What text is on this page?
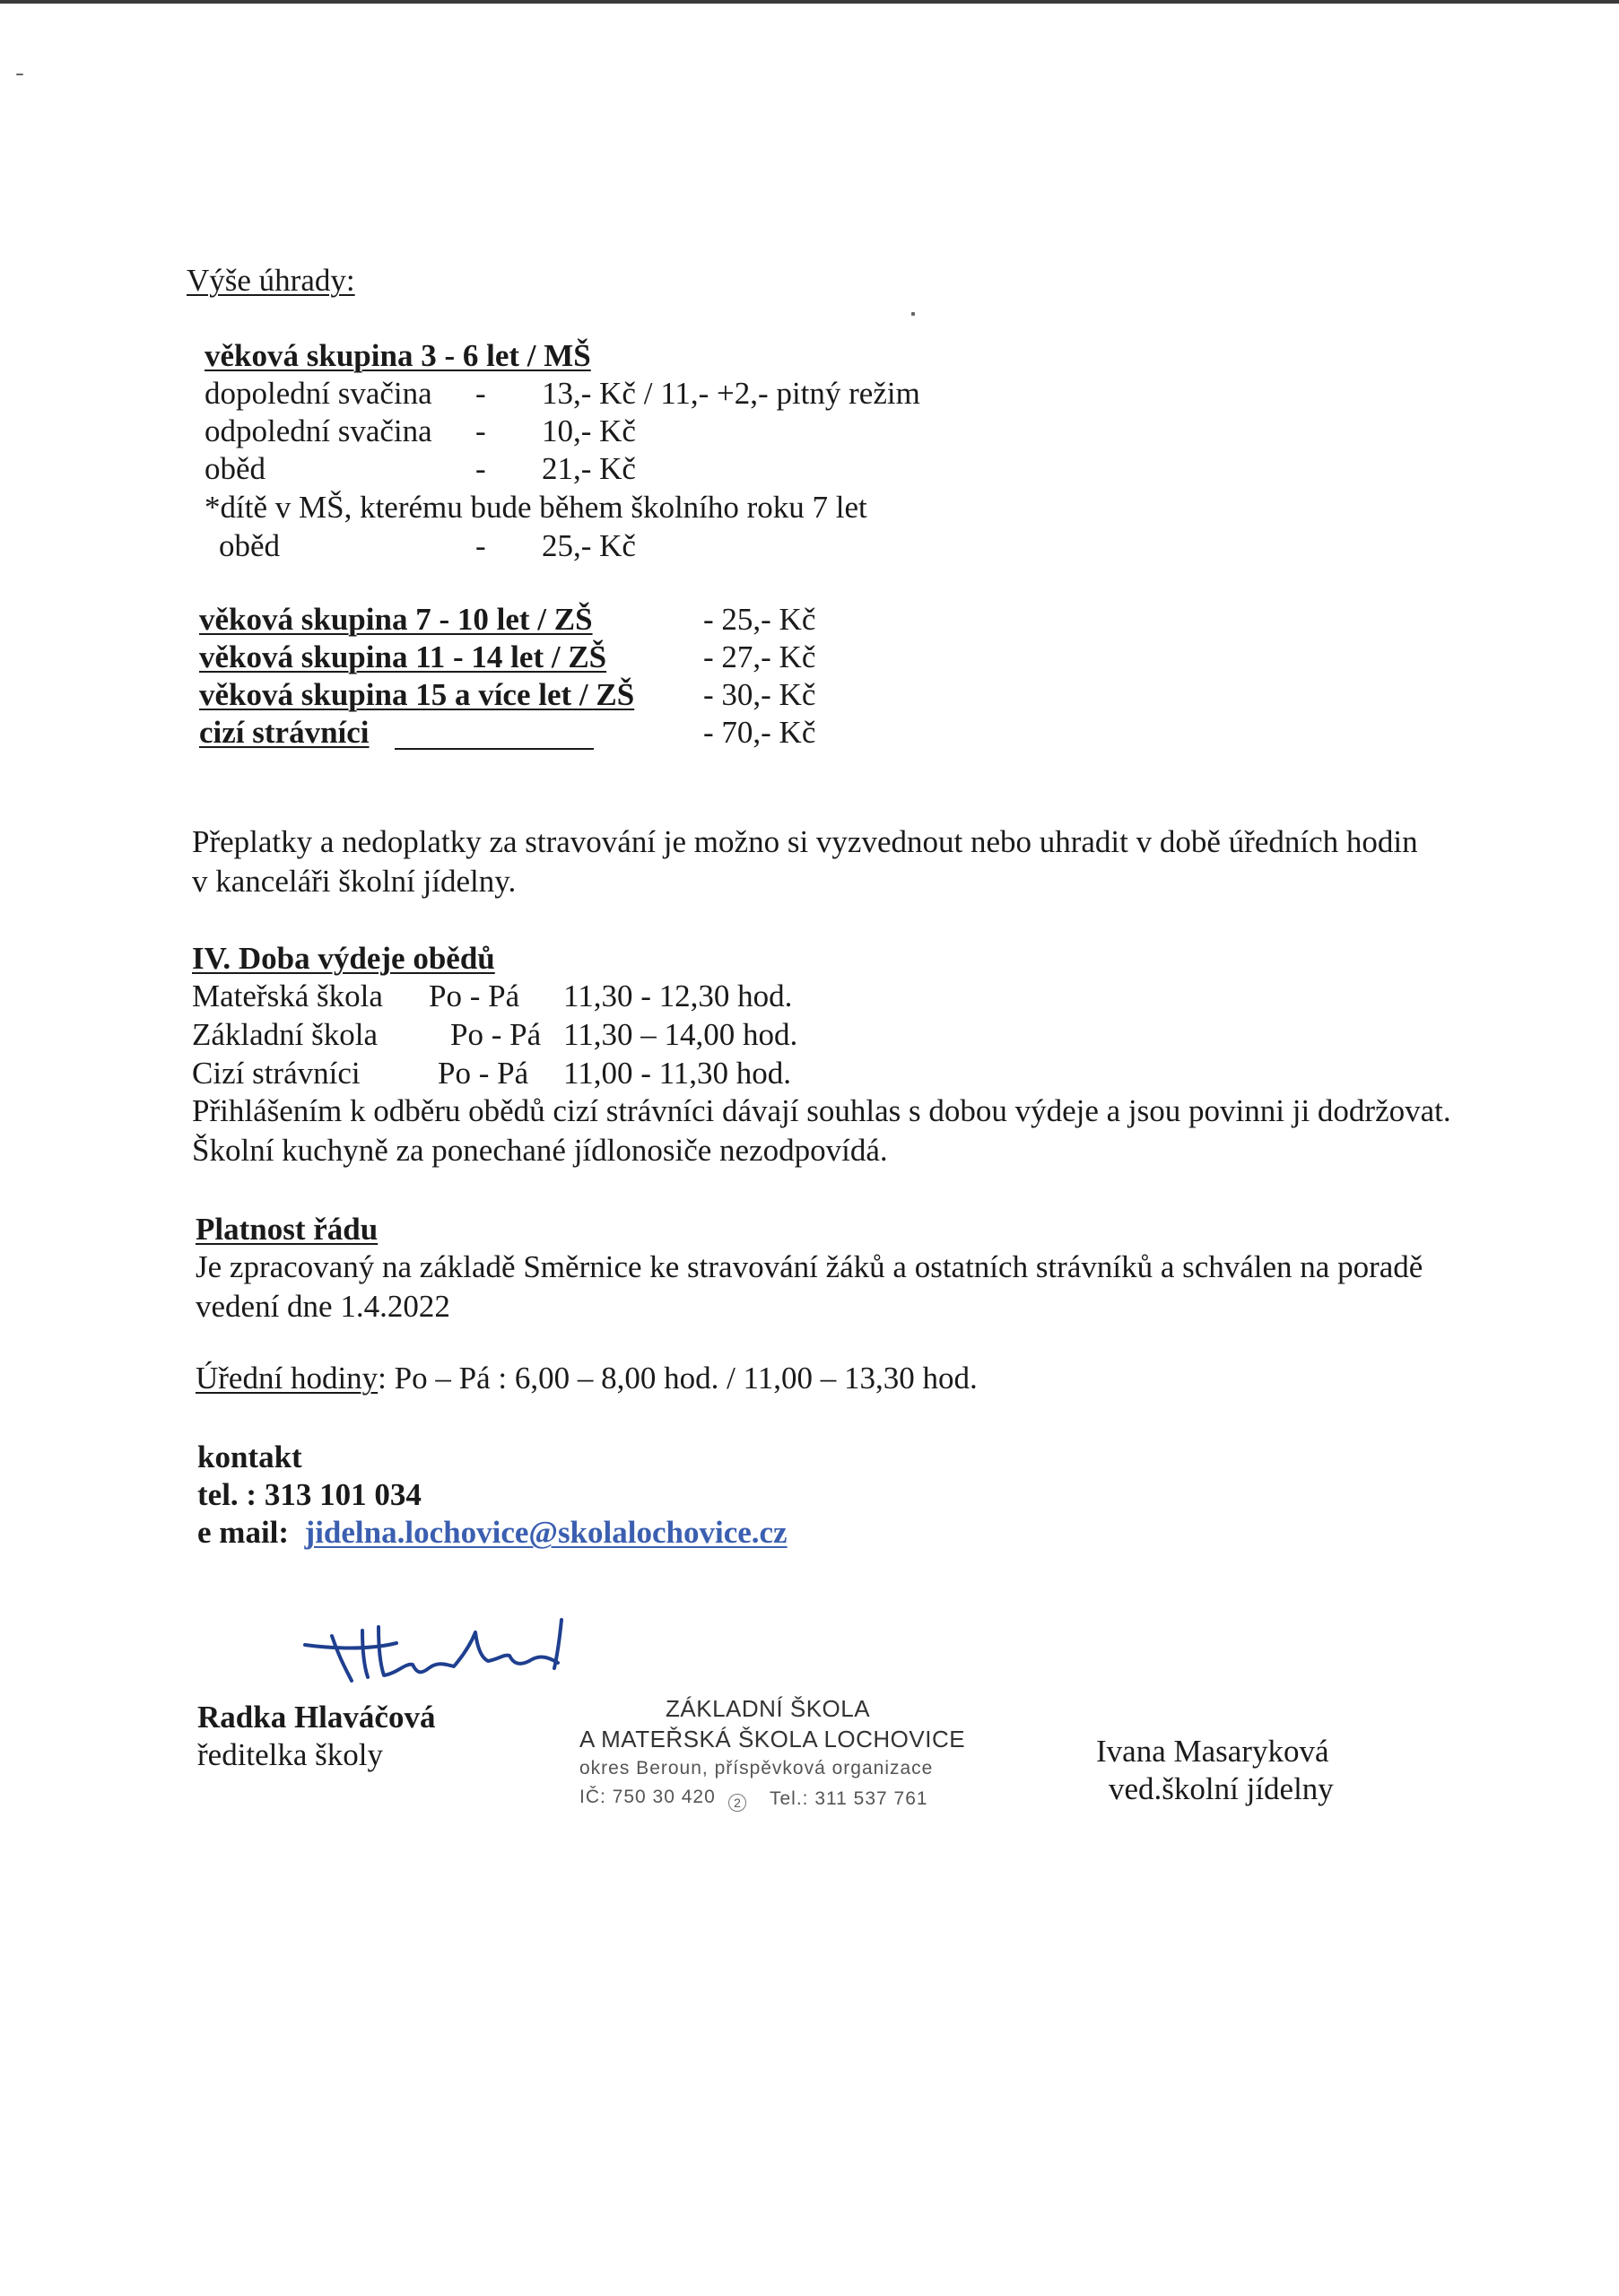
Výše úhrady:
věková skupina 3 - 6 let / MŠ
dopolední svačina - 13,- Kč / 11,- +2,- pitný režim
odpolední svačina - 10,- Kč
oběd	- 21,- Kč
*dítě v MŠ, kterému bude během školního roku 7 let
oběd	- 25,- Kč
věková skupina 7 - 10 let / ZŠ	- 25,- Kč
věková skupina 11 - 14 let / ZŠ	- 27,- Kč
věková skupina 15 a více let / ZŠ - 30,- Kč
cizí strávníci	- 70,- Kč
Přeplatky a nedoplatky za stravování je možno si vyzvednout nebo uhradit v době úředních hodin
v kanceláři školní jídelny.
IV. Doba výdeje obědů
Mateřská škola Po - Pá 11,30 - 12,30 hod.
Základní škola Po - Pá 11,30 – 14,00 hod.
Cizí strávníci Po - Pá 11,00 - 11,30 hod.
Přihlášením k odběru obědů cizí strávníci dávají souhlas s dobou výdeje a jsou povinni ji dodržovat.
Školní kuchyně za ponechané jídlonosiče nezodpovídá.
Platnost řádu
Je zpracovaný na základě Směrnice ke stravování žáků a ostatních strávníků a schválen na poradě
vedení dne 1.4.2022
Úřední hodiny: Po – Pá : 6,00 – 8,00 hod. / 11,00 – 13,30 hod.
kontakt
tel. : 313 101 034
e mail: jidelna.lochovice@skolalochovice.cz
Radka Hlaváčová
ředitelka školy
ZÁKLADNÍ ŠKOLA
A MATEŘSKÁ ŠKOLA LOCHOVICE
okres Beroun, příspěvková organizace
IČ: 750 30 420	2 Tel.: 311 537 761
Ivana Masaryková
ved.školní jídelny
